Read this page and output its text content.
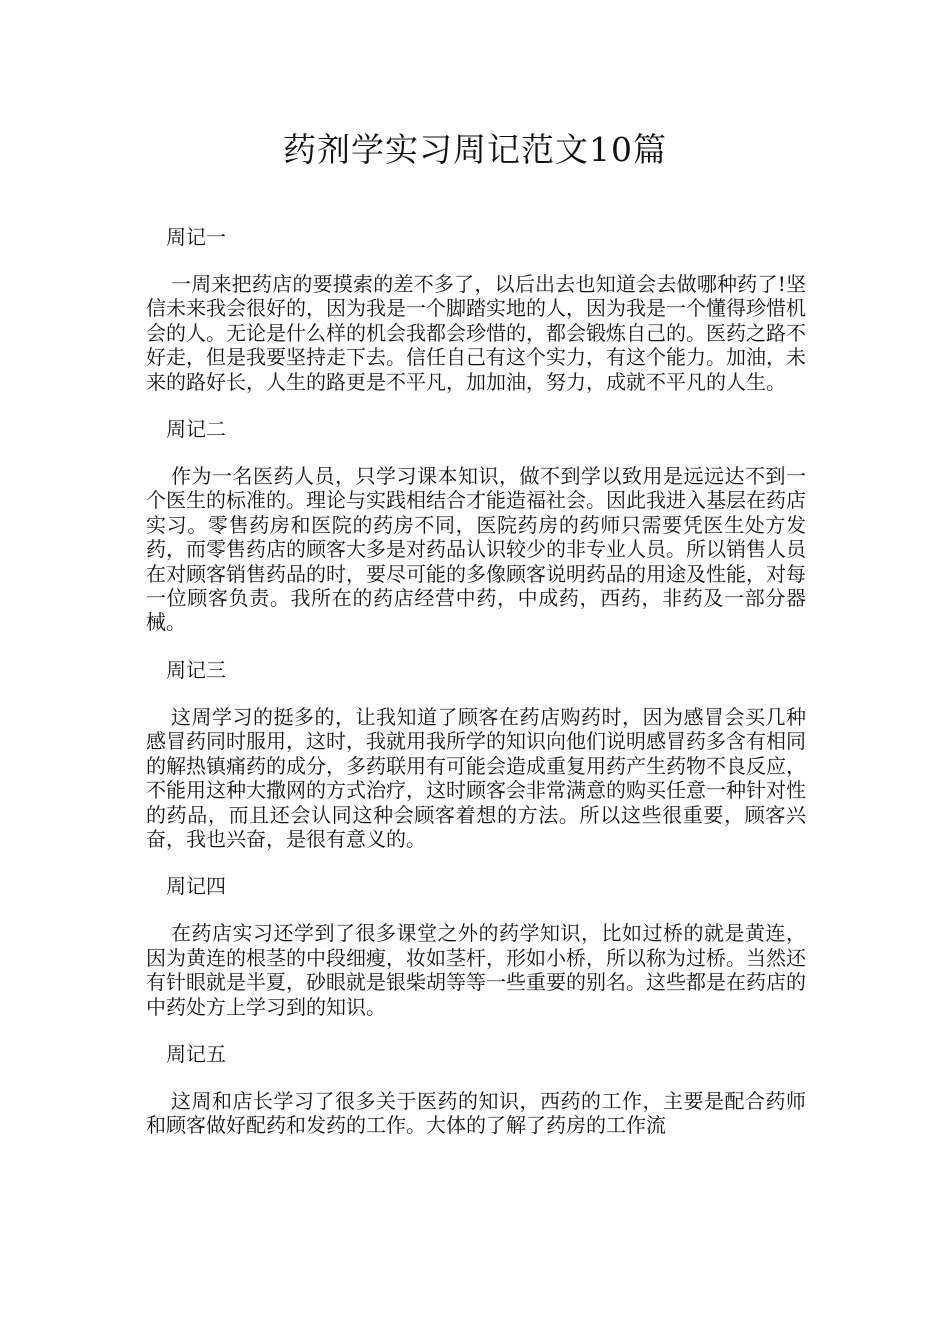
药剂学实习周记范文10篇

周记一

一周来把药店的要摸索的差不多了，以后出去也知道会去做哪种药了!坚信未来我会很好的，因为我是一个脚踏实地的人，因为我是一个懂得珍惜机会的人。无论是什么样的机会我都会珍惜的，都会锻炼自己的。医药之路不好走，但是我要坚持走下去。信任自己有这个实力，有这个能力。加油，未来的路好长，人生的路更是不平凡，加加油，努力，成就不平凡的人生。

周记二

作为一名医药人员，只学习课本知识，做不到学以致用是远远达不到一个医生的标准的。理论与实践相结合才能造福社会。因此我进入基层在药店实习。零售药房和医院的药房不同，医院药房的药师只需要凭医生处方发药，而零售药店的顾客大多是对药品认识较少的非专业人员。所以销售人员在对顾客销售药品的时，要尽可能的多像顾客说明药品的用途及性能，对每一位顾客负责。我所在的药店经营中药，中成药，西药，非药及一部分器械。

周记三

这周学习的挺多的，让我知道了顾客在药店购药时，因为感冒会买几种感冒药同时服用，这时，我就用我所学的知识向他们说明感冒药多含有相同的解热镇痛药的成分，多药联用有可能会造成重复用药产生药物不良反应，不能用这种大撒网的方式治疗，这时顾客会非常满意的购买任意一种针对性的药品，而且还会认同这种会顾客着想的方法。所以这些很重要，顾客兴奋，我也兴奋，是很有意义的。

周记四

在药店实习还学到了很多课堂之外的药学知识，比如过桥的就是黄连，因为黄连的根茎的中段细瘦，妆如茎杆，形如小桥，所以称为过桥。当然还有针眼就是半夏，砂眼就是银柴胡等等一些重要的别名。这些都是在药店的中药处方上学习到的知识。

周记五

这周和店长学习了很多关于医药的知识，西药的工作，主要是配合药师和顾客做好配药和发药的工作。大体的了解了药房的工作流
